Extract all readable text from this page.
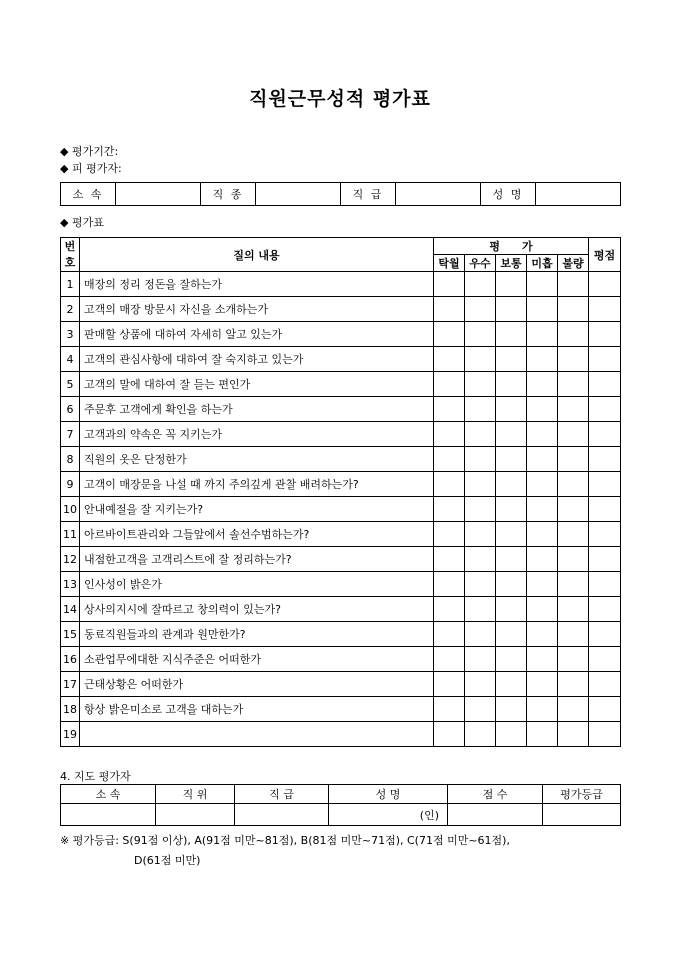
직원근무성적 평가표
◆ 평가기간:
◆ 피 평가자:
소 속		직 종		직 급		성 명	
◆ 평가표
번호	질의 내용	평　　가					평점
		탁월	우수	보통	미흡	불량	
1	매장의 정리 정돈을 잘하는가						
2	고객의 매장 방문시 자신을 소개하는가						
3	판매할 상품에 대하여 자세히 알고 있는가						
4	고객의 관심사항에 대하여 잘 숙지하고 있는가						
5	고객의 말에 대하여 잘 듣는 편인가						
6	주문후 고객에게 확인을 하는가						
7	고객과의 약속은 꼭 지키는가						
8	직원의 옷은 단정한가						
9	고객이 매장문을 나설 때 까지 주의깊게 관찰 배려하는가?						
10	안내예절을 잘 지키는가?						
11	아르바이트관리와 그들앞에서 솔선수범하는가?						
12	내점한고객을 고객리스트에 잘 정리하는가?						
13	인사성이 밝은가						
14	상사의지시에 잘따르고 창의력이 있는가?						
15	동료직원들과의 관계과 원만한가?						
16	소관업무에대한 지식주준은 어떠한가						
17	근태상황은 어떠한가						
18	항상 밝은미소로 고객을 대하는가						
19							
4. 지도 평가자
소 속	직 위	직 급	성 명	점 수	평가등급
			(인)		
※ 평가등급: S(91점 이상), A(91점 미만~81점), B(81점 미만~71점), C(71점 미만~61점),
D(61점 미만)
